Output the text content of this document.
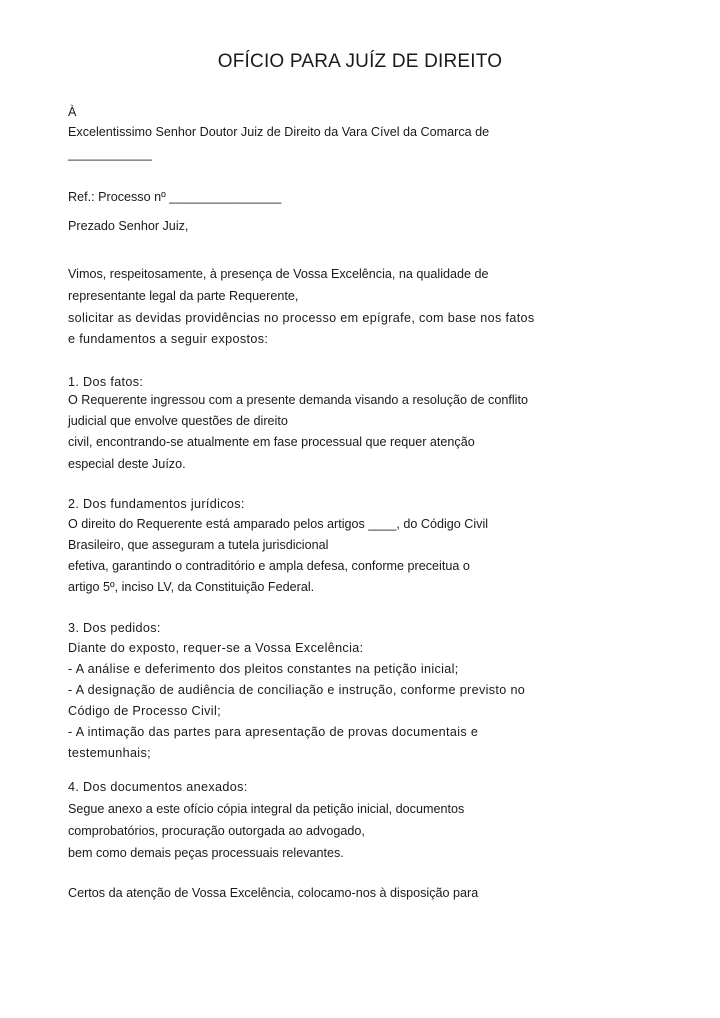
OFÍCIO PARA JUÍZ DE DIREITO
À
Excelentissimo Senhor Doutor Juiz de Direito da Vara Cível da Comarca de
____________
Ref.: Processo nº ________________
Prezado Senhor Juiz,
Vimos, respeitosamente, à presença de Vossa Excelência, na qualidade de
representante legal da parte Requerente,
solicitar as devidas providências no processo em epígrafe, com base nos fatos
e fundamentos a seguir expostos:
1. Dos fatos:
O Requerente ingressou com a presente demanda visando a resolução de conflito
judicial que envolve questões de direito
civil, encontrando-se atualmente em fase processual que requer atenção
especial deste Juízo.
2. Dos fundamentos jurídicos:
O direito do Requerente está amparado pelos artigos ____, do Código Civil
Brasileiro, que asseguram a tutela jurisdicional
efetiva, garantindo o contraditório e ampla defesa, conforme preceitua o
artigo 5º, inciso LV, da Constituição Federal.
3. Dos pedidos:
Diante do exposto, requer-se a Vossa Excelência:
- A análise e deferimento dos pleitos constantes na petição inicial;
- A designação de audiência de conciliação e instrução, conforme previsto no
Código de Processo Civil;
- A intimação das partes para apresentação de provas documentais e
testemunhais;
4. Dos documentos anexados:
Segue anexo a este ofício cópia integral da petição inicial, documentos
comprobatórios, procuração outorgada ao advogado,
bem como demais peças processuais relevantes.
Certos da atenção de Vossa Excelência, colocamo-nos à disposição para
